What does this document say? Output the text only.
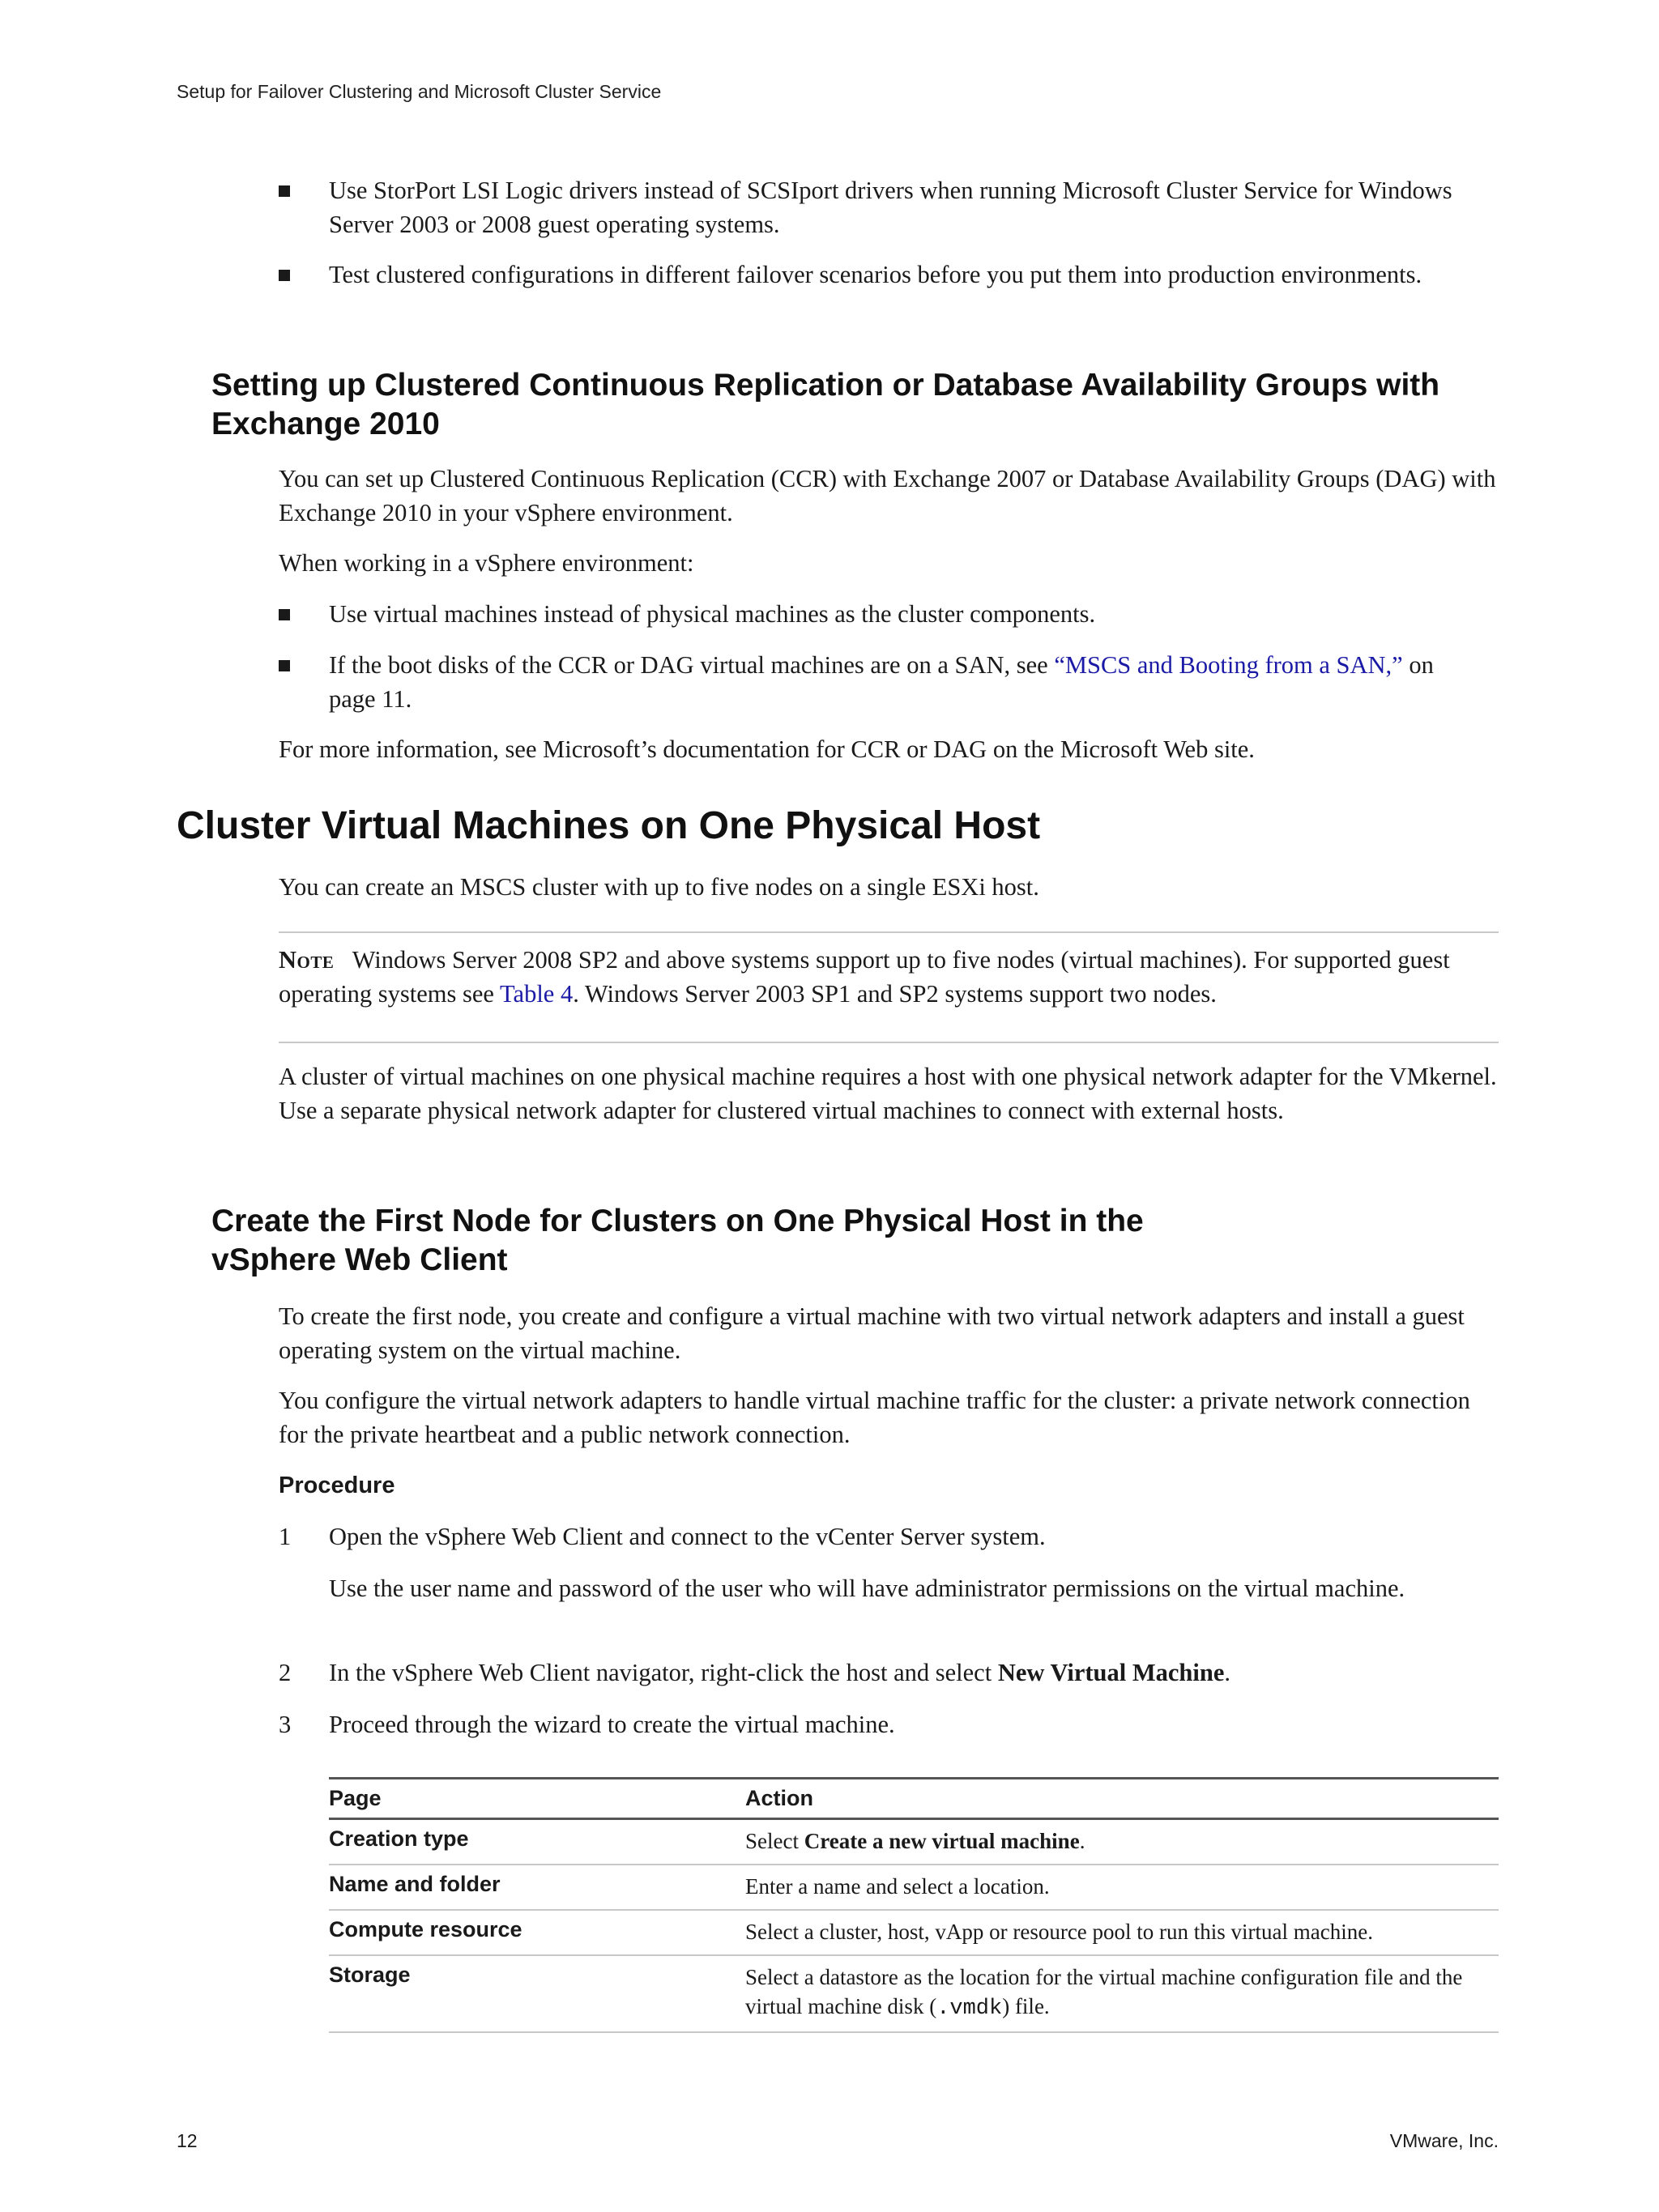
Setup for Failover Clustering and Microsoft Cluster Service
Use StorPort LSI Logic drivers instead of SCSIport drivers when running Microsoft Cluster Service for Windows Server 2003 or 2008 guest operating systems.
Test clustered configurations in different failover scenarios before you put them into production environments.
Setting up Clustered Continuous Replication or Database Availability Groups with Exchange 2010
You can set up Clustered Continuous Replication (CCR) with Exchange 2007 or Database Availability Groups (DAG) with Exchange 2010 in your vSphere environment.
When working in a vSphere environment:
Use virtual machines instead of physical machines as the cluster components.
If the boot disks of the CCR or DAG virtual machines are on a SAN, see “MSCS and Booting from a SAN,” on page 11.
For more information, see Microsoft’s documentation for CCR or DAG on the Microsoft Web site.
Cluster Virtual Machines on One Physical Host
You can create an MSCS cluster with up to five nodes on a single ESXi host.
Note Windows Server 2008 SP2 and above systems support up to five nodes (virtual machines). For supported guest operating systems see Table 4. Windows Server 2003 SP1 and SP2 systems support two nodes.
A cluster of virtual machines on one physical machine requires a host with one physical network adapter for the VMkernel. Use a separate physical network adapter for clustered virtual machines to connect with external hosts.
Create the First Node for Clusters on One Physical Host in the
vSphere Web Client
To create the first node, you create and configure a virtual machine with two virtual network adapters and install a guest operating system on the virtual machine.
You configure the virtual network adapters to handle virtual machine traffic for the cluster: a private network connection for the private heartbeat and a public network connection.
Procedure
1 Open the vSphere Web Client and connect to the vCenter Server system.
Use the user name and password of the user who will have administrator permissions on the virtual machine.
2 In the vSphere Web Client navigator, right-click the host and select New Virtual Machine.
3 Proceed through the wizard to create the virtual machine.
Page	Action
Creation type	Select Create a new virtual machine.
Name and folder	Enter a name and select a location.
Compute resource	Select a cluster, host, vApp or resource pool to run this virtual machine.
Storage	Select a datastore as the location for the virtual machine configuration file and the virtual machine disk (.vmdk) file.
12	VMware, Inc.
